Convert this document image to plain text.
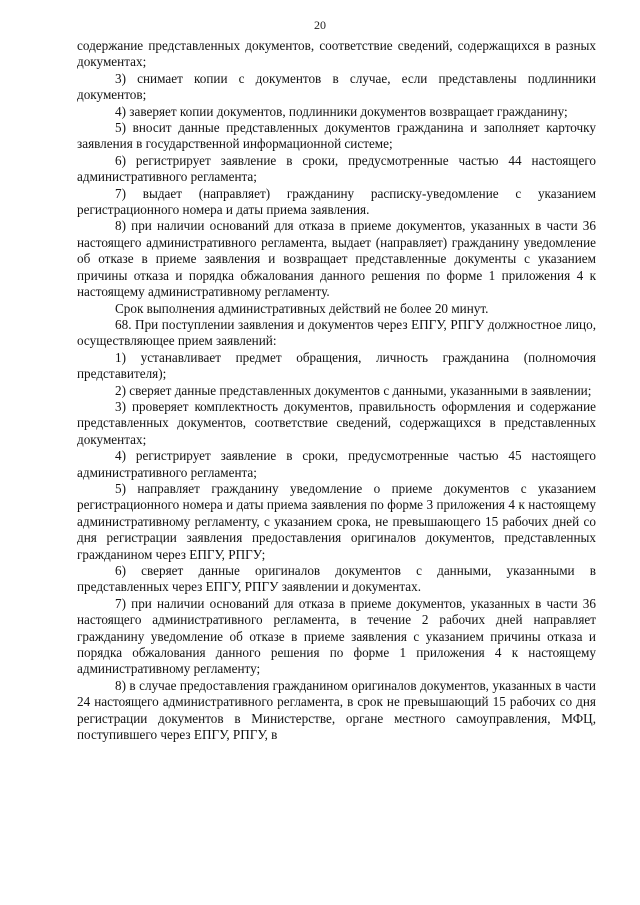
20

содержание представленных документов, соответствие сведений, содержащихся в разных документах;

3) снимает копии с документов в случае, если представлены подлинники документов;

4) заверяет копии документов, подлинники документов возвращает гражданину;

5) вносит данные представленных документов гражданина и заполняет карточку заявления в государственной информационной системе;

6) регистрирует заявление в сроки, предусмотренные частью 44 настоящего административного регламента;

7) выдает (направляет) гражданину расписку-уведомление с указанием регистрационного номера и даты приема заявления.

8) при наличии оснований для отказа в приеме документов, указанных в части 36 настоящего административного регламента, выдает (направляет) гражданину уведомление об отказе в приеме заявления и возвращает представленные документы с указанием причины отказа и порядка обжалования данного решения по форме 1 приложения 4 к настоящему административному регламенту.

Срок выполнения административных действий не более 20 минут.

68. При поступлении заявления и документов через ЕПГУ, РПГУ должностное лицо, осуществляющее прием заявлений:

1) устанавливает предмет обращения, личность гражданина (полномочия представителя);

2) сверяет данные представленных документов с данными, указанными в заявлении;

3) проверяет комплектность документов, правильность оформления и содержание представленных документов, соответствие сведений, содержащихся в представленных документах;

4) регистрирует заявление в сроки, предусмотренные частью 45 настоящего административного регламента;

5) направляет гражданину уведомление о приеме документов с указанием регистрационного номера и даты приема заявления по форме 3 приложения 4 к настоящему административному регламенту, с указанием срока, не превышающего 15 рабочих дней со дня регистрации заявления предоставления оригиналов документов, представленных гражданином через ЕПГУ, РПГУ;

6) сверяет данные оригиналов документов с данными, указанными в представленных через ЕПГУ, РПГУ заявлении и документах.

7) при наличии оснований для отказа в приеме документов, указанных в части 36 настоящего административного регламента, в течение 2 рабочих дней направляет гражданину уведомление об отказе в приеме заявления с указанием причины отказа и порядка обжалования данного решения по форме 1 приложения 4 к настоящему административному регламенту;

8) в случае предоставления гражданином оригиналов документов, указанных в части 24 настоящего административного регламента, в срок не превышающий 15 рабочих со дня регистрации документов в Министерстве, органе местного самоуправления, МФЦ, поступившего через ЕПГУ, РПГУ, в
